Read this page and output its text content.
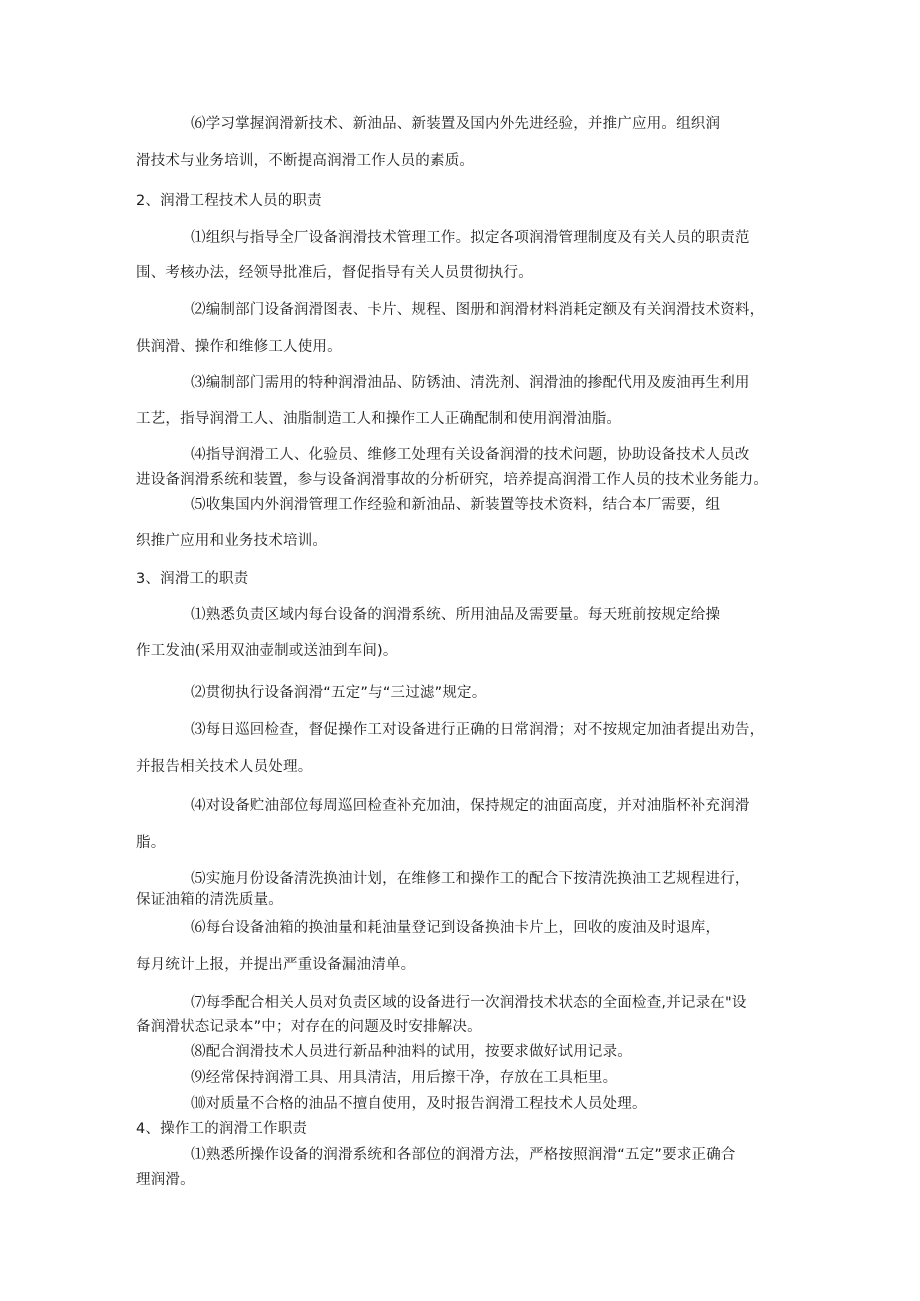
⑹学习掌握润滑新技术、新油品、新装置及国内外先进经验，并推广应用。组织润
滑技术与业务培训，不断提高润滑工作人员的素质。
2、润滑工程技术人员的职责
⑴组织与指导全厂设备润滑技术管理工作。拟定各项润滑管理制度及有关人员的职责范
围、考核办法，经领导批准后，督促指导有关人员贯彻执行。
⑵编制部门设备润滑图表、卡片、规程、图册和润滑材料消耗定额及有关润滑技术资料，
供润滑、操作和维修工人使用。
⑶编制部门需用的特种润滑油品、防锈油、清洗剂、润滑油的掺配代用及废油再生利用
工艺，指导润滑工人、油脂制造工人和操作工人正确配制和使用润滑油脂。
⑷指导润滑工人、化验员、维修工处理有关设备润滑的技术问题，协助设备技术人员改
进设备润滑系统和装置，参与设备润滑事故的分析研究，培养提高润滑工作人员的技术业务能力。
⑸收集国内外润滑管理工作经验和新油品、新装置等技术资料，结合本厂需要，组
织推广应用和业务技术培训。
3、润滑工的职责
⑴熟悉负责区域内每台设备的润滑系统、所用油品及需要量。每天班前按规定给操
作工发油(采用双油壶制或送油到车间)。
⑵贯彻执行设备润滑“五定”与“三过滤”规定。
⑶每日巡回检查，督促操作工对设备进行正确的日常润滑；对不按规定加油者提出劝告，
并报告相关技术人员处理。
⑷对设备贮油部位每周巡回检查补充加油，保持规定的油面高度，并对油脂杯补充润滑
脂。
⑸实施月份设备清洗换油计划，在维修工和操作工的配合下按清洗换油工艺规程进行，
保证油箱的清洗质量。
⑹每台设备油箱的换油量和耗油量登记到设备换油卡片上，回收的废油及时退库，
每月统计上报，并提出严重设备漏油清单。
⑺每季配合相关人员对负责区域的设备进行一次润滑技术状态的全面检查,并记录在"设
备润滑状态记录本”中；对存在的问题及时安排解决。
⑻配合润滑技术人员进行新品种油料的试用，按要求做好试用记录。
⑼经常保持润滑工具、用具清洁，用后擦干净，存放在工具柜里。
⑽对质量不合格的油品不擅自使用，及时报告润滑工程技术人员处理。
4、操作工的润滑工作职责
⑴熟悉所操作设备的润滑系统和各部位的润滑方法，严格按照润滑“五定”要求正确合
理润滑。
